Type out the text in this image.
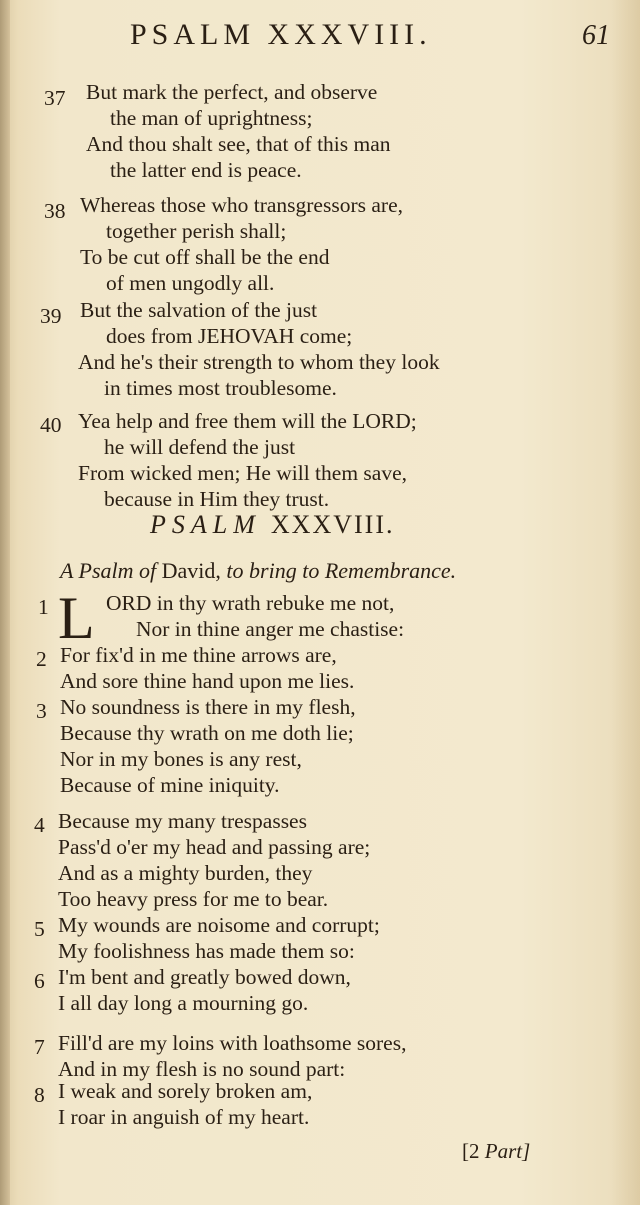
PSALM XXXVIII.	61
37 But mark the perfect, and observe
the man of uprightness;
And thou shalt see, that of this man
the latter end is peace.
38 Whereas those who transgressors are,
together perish shall;
To be cut off shall be the end
of men ungodly all.
39 But the salvation of the just
does from JEHOVAH come;
And he's their strength to whom they look
in times most troublesome.
40 Yea help and free them will the LORD;
he will defend the just
From wicked men; He will them save,
because in Him they trust.
PSALM XXXVIII.
A Psalm of David, to bring to Remembrance.
1 L ORD in thy wrath rebuke me not,
Nor in thine anger me chastise:
2 For fix'd in me thine arrows are,
And sore thine hand upon me lies.
3 No soundness is there in my flesh,
Because thy wrath on me doth lie;
Nor in my bones is any rest,
Because of mine iniquity.
4 Because my many trespasses
Pass'd o'er my head and passing are;
And as a mighty burden, they
Too heavy press for me to bear.
5 My wounds are noisome and corrupt;
My foolishness has made them so:
6 I'm bent and greatly bowed down,
I all day long a mourning go.
7 Fill'd are my loins with loathsome sores,
And in my flesh is no sound part:
8 I weak and sorely broken am,
I roar in anguish of my heart.
[2 Part]
